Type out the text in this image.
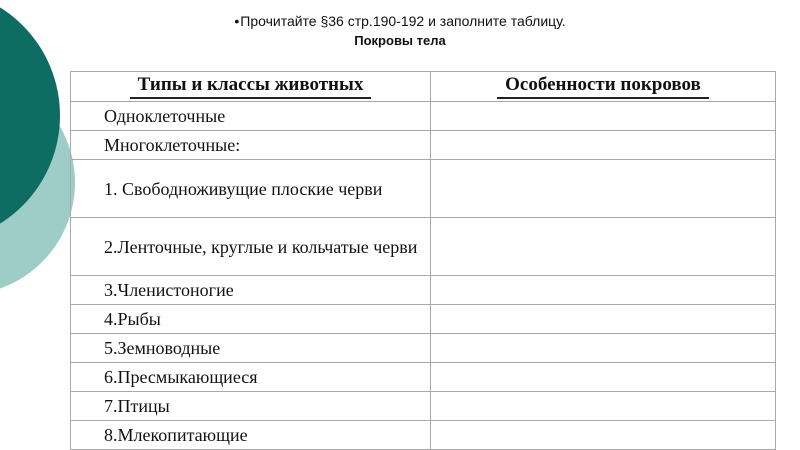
•Прочитайте §36 стр.190-192 и заполните таблицу.
Покровы тела
Типы и классы животных	Особенности покровов
Одноклеточные	
Многоклеточные:	
1. Свободноживущие плоские черви	
2.Ленточные, круглые и кольчатые черви	
3.Членистоногие	
4.Рыбы	
5.Земноводные	
6.Пресмыкающиеся	
7.Птицы	
8.Млекопитающие	
